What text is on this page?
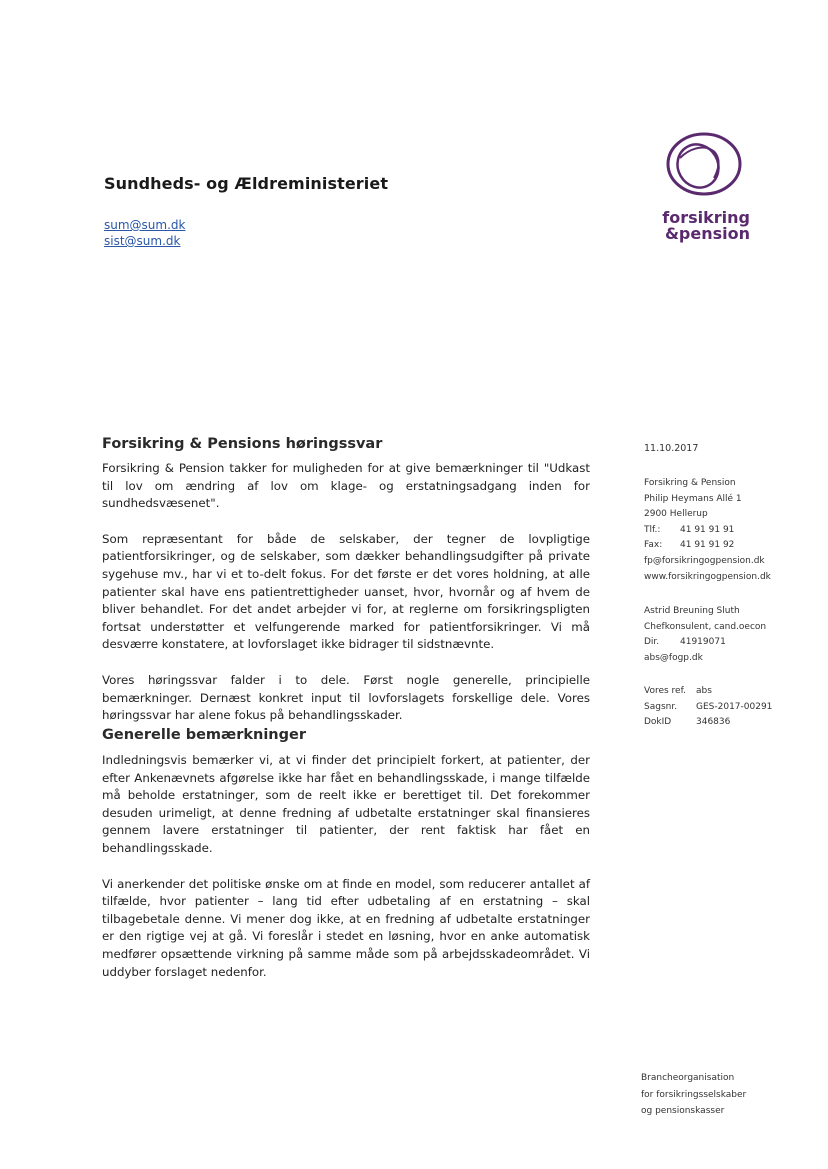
Sundheds- og Ældreministeriet
sum@sum.dk
sist@sum.dk
forsikring
&pension
Forsikring & Pensions høringssvar

Forsikring & Pension takker for muligheden for at give bemærkninger til "Udkast til lov om ændring af lov om klage- og erstatningsadgang inden for sundhedsvæsenet".

Som repræsentant for både de selskaber, der tegner de lovpligtige patientforsikringer, og de selskaber, som dækker behandlingsudgifter på private sygehuse mv., har vi et to-delt fokus. For det første er det vores holdning, at alle patienter skal have ens patientrettigheder uanset, hvor, hvornår og af hvem de bliver behandlet. For det andet arbejder vi for, at reglerne om forsikringspligten fortsat understøtter et velfungerende marked for patientforsikringer. Vi må desværre konstatere, at lovforslaget ikke bidrager til sidstnævnte.

Vores høringssvar falder i to dele. Først nogle generelle, principielle bemærkninger. Dernæst konkret input til lovforslagets forskellige dele. Vores høringssvar har alene fokus på behandlingsskader.

Generelle bemærkninger

Indledningsvis bemærker vi, at vi finder det principielt forkert, at patienter, der efter Ankenævnets afgørelse ikke har fået en behandlingsskade, i mange tilfælde må beholde erstatninger, som de reelt ikke er berettiget til. Det forekommer desuden urimeligt, at denne fredning af udbetalte erstatninger skal finansieres gennem lavere erstatninger til patienter, der rent faktisk har fået en behandlingsskade.

Vi anerkender det politiske ønske om at finde en model, som reducerer antallet af tilfælde, hvor patienter – lang tid efter udbetaling af en erstatning – skal tilbagebetale denne. Vi mener dog ikke, at en fredning af udbetalte erstatninger er den rigtige vej at gå. Vi foreslår i stedet en løsning, hvor en anke automatisk medfører opsættende virkning på samme måde som på arbejdsskadeområdet. Vi uddyber forslaget nedenfor.

11.10.2017
Forsikring & Pension
Philip Heymans Allé 1
2900 Hellerup
Tlf.: 41 91 91 91
Fax: 41 91 91 92
fp@forsikringogpension.dk
www.forsikringogpension.dk
Astrid Breuning Sluth
Chefkonsulent, cand.oecon
Dir. 41919071
abs@fogp.dk
Vores ref. abs
Sagsnr. GES-2017-00291
DokID	346836
Brancheorganisation
for forsikringsselskaber
og pensionskasser
